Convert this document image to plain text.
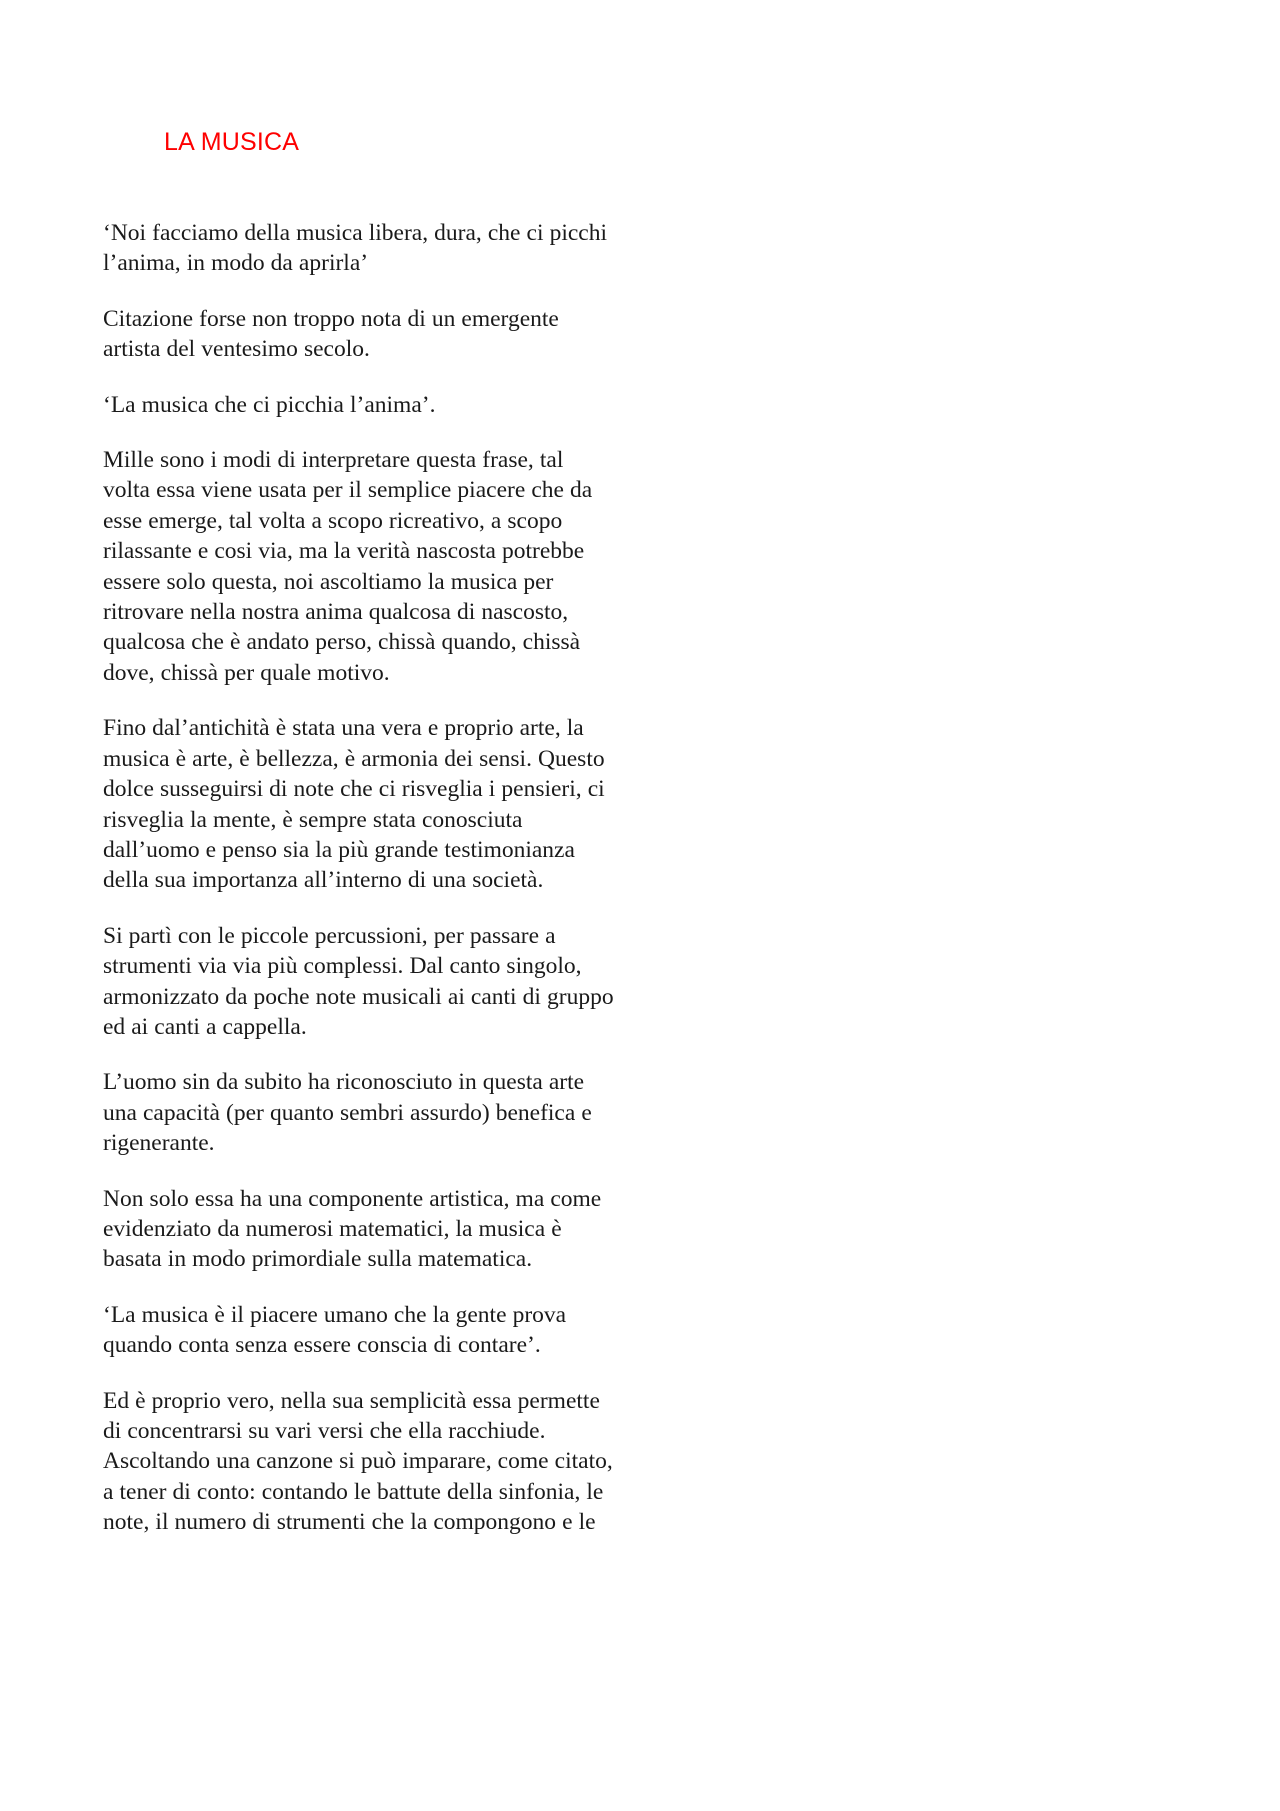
LA MUSICA

‘Noi facciamo della musica libera, dura, che ci picchi
l’anima, in modo da aprirla’

Citazione forse non troppo nota di un emergente
artista del ventesimo secolo.

‘La musica che ci picchia l’anima’.

Mille sono i modi di interpretare questa frase, tal
volta essa viene usata per il semplice piacere che da
esse emerge, tal volta a scopo ricreativo, a scopo
rilassante e cosi via, ma la verità nascosta potrebbe
essere solo questa, noi ascoltiamo la musica per
ritrovare nella nostra anima qualcosa di nascosto,
qualcosa che è andato perso, chissà quando, chissà
dove, chissà per quale motivo.

Fino dal’antichità è stata una vera e proprio arte, la
musica è arte, è bellezza, è armonia dei sensi. Questo
dolce susseguirsi di note che ci risveglia i pensieri, ci
risveglia la mente, è sempre stata conosciuta
dall’uomo e penso sia la più grande testimonianza
della sua importanza all’interno di una società.

Si partì con le piccole percussioni, per passare a
strumenti via via più complessi. Dal canto singolo,
armonizzato da poche note musicali ai canti di gruppo
ed ai canti a cappella.

L’uomo sin da subito ha riconosciuto in questa arte
una capacità (per quanto sembri assurdo) benefica e
rigenerante.

Non solo essa ha una componente artistica, ma come
evidenziato da numerosi matematici, la musica è
basata in modo primordiale sulla matematica.

‘La musica è il piacere umano che la gente prova
quando conta senza essere conscia di contare’.

Ed è proprio vero, nella sua semplicità essa permette
di concentrarsi su vari versi che ella racchiude.
Ascoltando una canzone si può imparare, come citato,
a tener di conto: contando le battute della sinfonia, le
note, il numero di strumenti che la compongono e le
